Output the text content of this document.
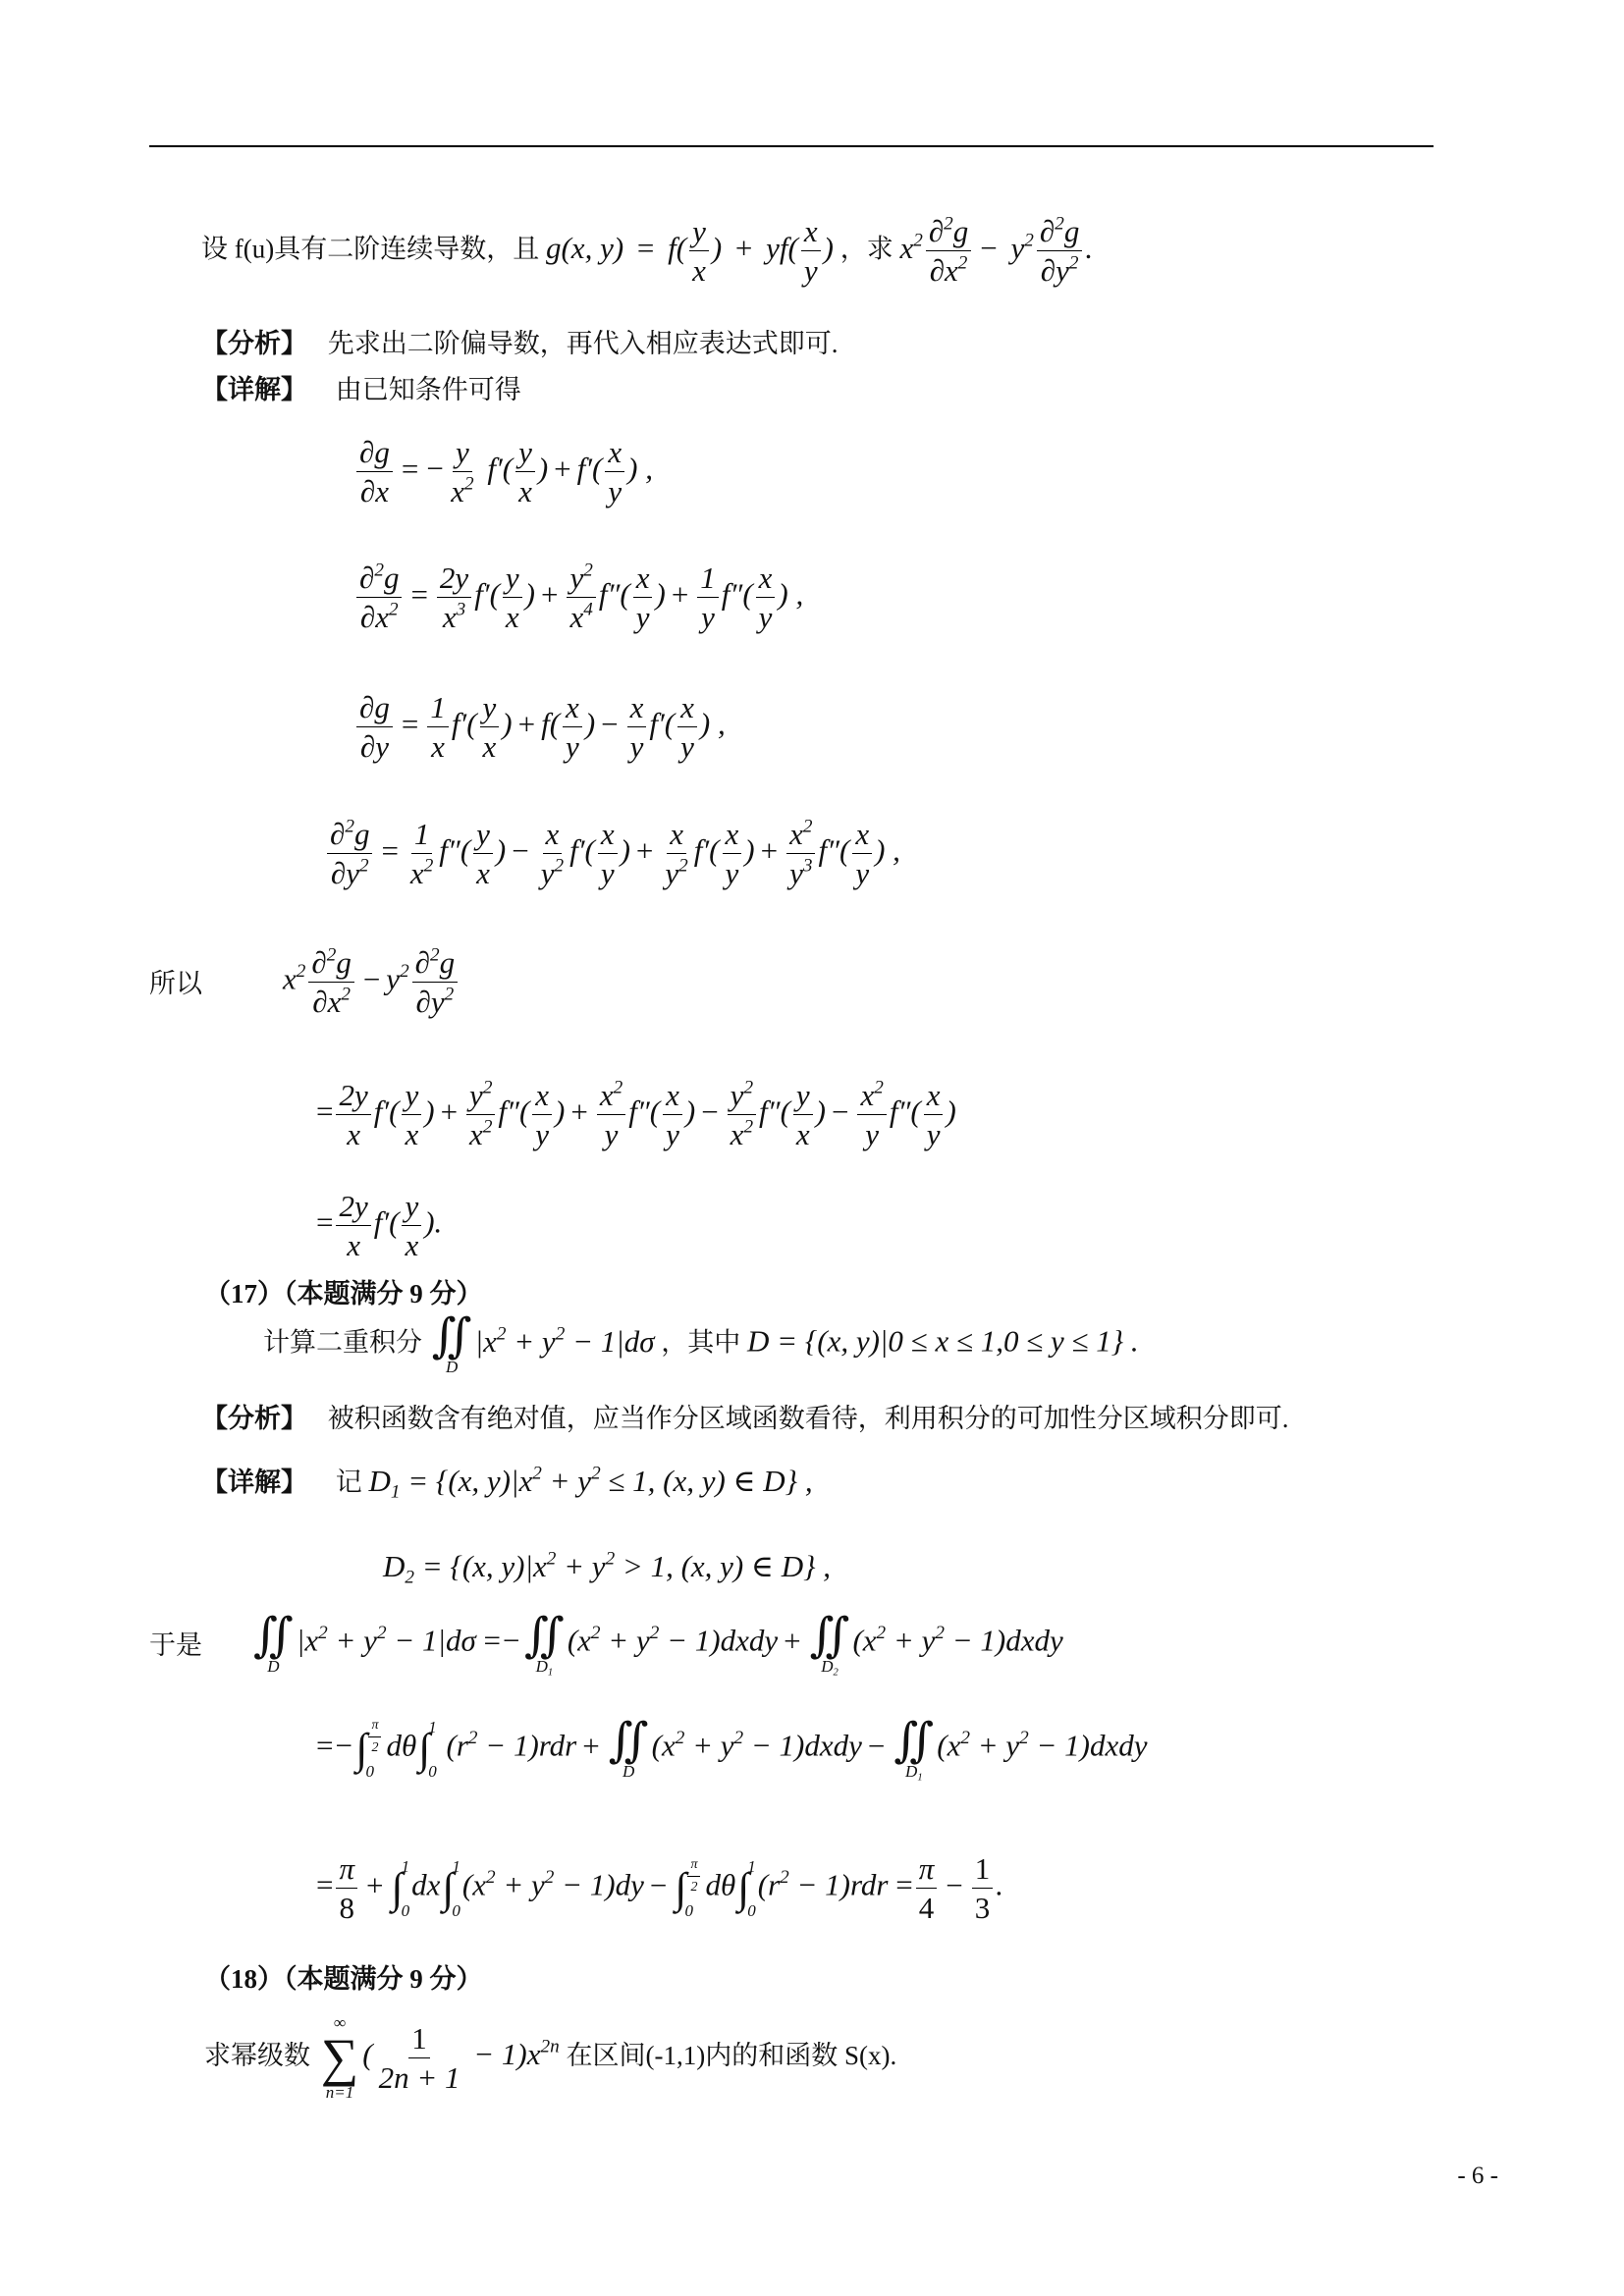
设 f(u)具有二阶连续导数，且 g(x, $y) = f( \frac{y}{x}$ ) + $yf( \frac{x}{y}$ ) ，求 $x^2 \frac{\partial^2g}{\partial x^2} - y^2 \frac{\partial^2g}{\partial y^2}$ .
【分析】 先求出二阶偏导数，再代入相应表达式即可.
【详解】 由已知条件可得
$\frac{\partial g}{\partial x}$ = − $\frac{y}{x^2} f'( \frac{y}{x}$ ) + $f'( \frac{x}{y}$ ) ,
$\frac{\partial^2g}{\partial x^2} = \frac{2y}{x^3} f'( \frac{y}{x}$ ) + $\frac{y^2}{x^4} f''( \frac{x}{y}$ ) + $\frac{1}{y} f''( \frac{x}{y}$ ) ,
$\frac{\partial g}{\partial y} = \frac{1}{x} f'( \frac{y}{x}$ ) + $f( \frac{x}{y}$ ) − $\frac{x}{y} f'( \frac{x}{y}$ ) ,
$\frac{\partial^2g}{\partial y^2} = \frac{1}{x^2} f''( \frac{y}{x}$ ) − $\frac{x}{y^2} f'( \frac{x}{y}$ ) + $\frac{x}{y^2} f'( \frac{x}{y}$ ) + $\frac{x^2}{y^3} f''( \frac{x}{y}$ ) ,
所以	$x^2 \frac{\partial^2g}{\partial x^2} - y^2 \frac{\partial^2g}{\partial y^2}$
= $\frac{2y}{x} f'( \frac{y}{x}$ ) + $\frac{y^2}{x^2} f''( \frac{x}{y}$ ) + $\frac{x^2}{y} f''( \frac{x}{y}$ ) − $\frac{y^2}{x^2} f''( \frac{y}{x}$ ) − $\frac{x^2}{y} f''( \frac{x}{y}$ )
= $\frac{2y}{x} f'( \frac{y}{x}$ ).
（17）（本题满分 9 分）
计算二重积分 ∬
D
$|x^2 + y^2 - 1|d\sigma$ ，其中 D = {(x, y)|0 ≤ x ≤ 1,0 ≤ y ≤ 1} .
【分析】 被积函数含有绝对值，应当作分区域函数看待，利用积分的可加性分区域积分即可.
【详解】 记 $D_1 = \{(x$, $y)|x^2 + y^2 \le 1$, (x, y) ∈ D} ,
$D_2 = \{(x$, $y)|x^2 + y^2 > 1$, (x, y) ∈ D} ,
于是 ∬
D
$|x^2 + y^2 - 1|d\sigma$ =− ∬
$D_1$
($x^2 + y^2$ − 1)dxdy + ∬
$D_2$
($x^2 + y^2$ − 1)dxdy
=− ∫ $\frac{\pi}{2}$
0
dθ ∫
1
0
$(r^2 - 1)rdr$ + ∬
D
($x^2 + y^2$ − 1)dxdy − ∬
$D_1$
($x^2 + y^2$ − 1)dxdy
= $\frac{\pi}{8}$ + ∫
1
0
dx ∫
1
0
$(x^2 + y^2 - 1)dy$ − ∫ $\frac{\pi}{2}$
0
dθ ∫
1
0
$(r^2 - 1)rdr = \frac{\pi}{4} - \frac{1}{3}$ .
（18）（本题满分 9 分）
求幂级数
∞
∑
n=1
( $\frac{1}{2n + 1} - 1)x^{2n}$ 在区间(-1,1)内的和函数 S(x).
- 6 -
